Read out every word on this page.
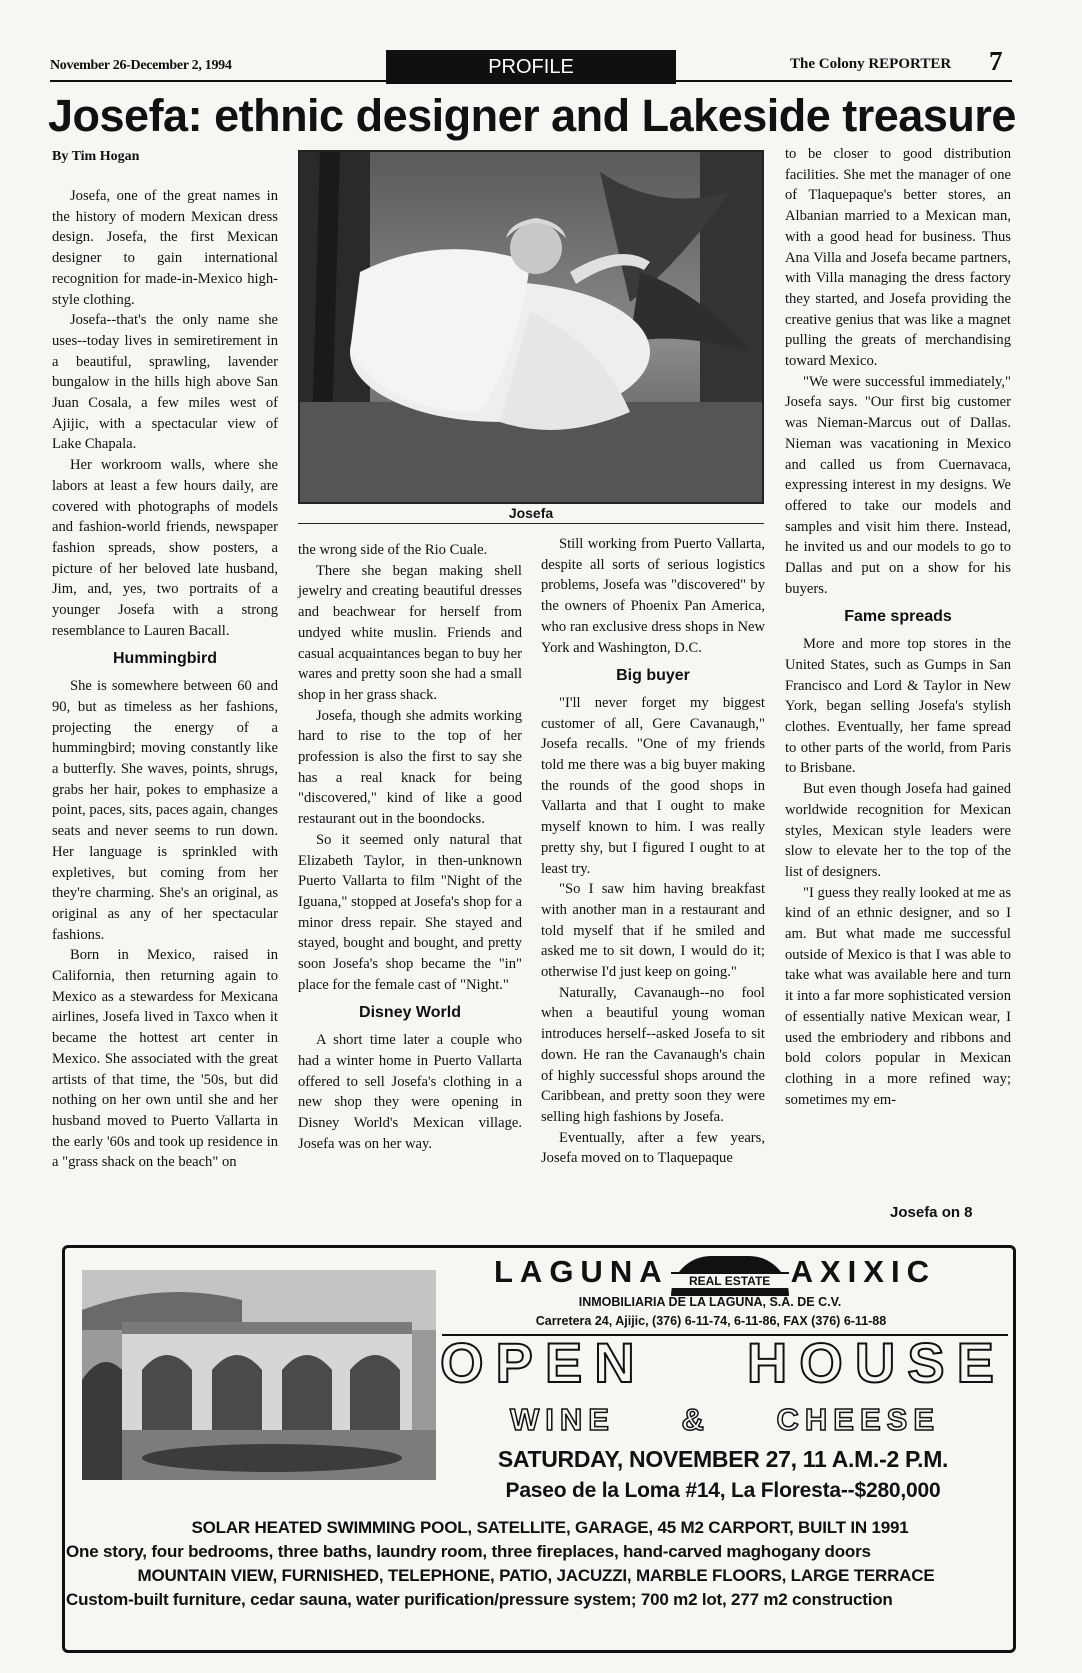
November 26-December 2, 1994	PROFILE	The Colony REPORTER 7
Josefa: ethnic designer and Lakeside treasure
By Tim Hogan

Josefa, one of the great names in the history of modern Mexican dress design. Josefa, the first Mexican designer to gain international recognition for made-in-Mexico high-style clothing.

Josefa--that's the only name she uses--today lives in semiretirement in a beautiful, sprawling, lavender bungalow in the hills high above San Juan Cosala, a few miles west of Ajijic, with a spectacular view of Lake Chapala.

Her workroom walls, where she labors at least a few hours daily, are covered with photographs of models and fashion-world friends, newspaper fashion spreads, show posters, a picture of her beloved late husband, Jim, and, yes, two portraits of a younger Josefa with a strong resemblance to Lauren Bacall.

Hummingbird

She is somewhere between 60 and 90, but as timeless as her fashions, projecting the energy of a hummingbird; moving constantly like a butterfly. She waves, points, shrugs, grabs her hair, pokes to emphasize a point, paces, sits, paces again, changes seats and never seems to run down. Her language is sprinkled with expletives, but coming from her they're charming. She's an original, as original as any of her spectacular fashions.

Born in Mexico, raised in California, then returning again to Mexico as a stewardess for Mexicana airlines, Josefa lived in Taxco when it became the hottest art center in Mexico. She associated with the great artists of that time, the '50s, but did nothing on her own until she and her husband moved to Puerto Vallarta in the early '60s and took up residence in a "grass shack on the beach" on

Josefa

the wrong side of the Rio Cuale.

There she began making shell jewelry and creating beautiful dresses and beachwear for herself from undyed white muslin. Friends and casual acquaintances began to buy her wares and pretty soon she had a small shop in her grass shack.

Josefa, though she admits working hard to rise to the top of her profession is also the first to say she has a real knack for being "discovered," kind of like a good restaurant out in the boondocks.

So it seemed only natural that Elizabeth Taylor, in then-unknown Puerto Vallarta to film "Night of the Iguana," stopped at Josefa's shop for a minor dress repair. She stayed and stayed, bought and bought, and pretty soon Josefa's shop became the "in" place for the female cast of "Night."

Disney World

A short time later a couple who had a winter home in Puerto Vallarta offered to sell Josefa's clothing in a new shop they were opening in Disney World's Mexican village. Josefa was on her way.

Still working from Puerto Vallarta, despite all sorts of serious logistics problems, Josefa was "discovered" by the owners of Phoenix Pan America, who ran exclusive dress shops in New York and Washington, D.C.

Big buyer

"I'll never forget my biggest customer of all, Gere Cavanaugh," Josefa recalls. "One of my friends told me there was a big buyer making the rounds of the good shops in Vallarta and that I ought to make myself known to him. I was really pretty shy, but I figured I ought to at least try.

"So I saw him having breakfast with another man in a restaurant and told myself that if he smiled and asked me to sit down, I would do it; otherwise I'd just keep on going."

Naturally, Cavanaugh--no fool when a beautiful young woman introduces herself--asked Josefa to sit down. He ran the Cavanaugh's chain of highly successful shops around the Caribbean, and pretty soon they were selling high fashions by Josefa.

Eventually, after a few years, Josefa moved on to Tlaquepaque

to be closer to good distribution facilities. She met the manager of one of Tlaquepaque's better stores, an Albanian married to a Mexican man, with a good head for business. Thus Ana Villa and Josefa became partners, with Villa managing the dress factory they started, and Josefa providing the creative genius that was like a magnet pulling the greats of merchandising toward Mexico.

"We were successful immediately," Josefa says. "Our first big customer was Nieman-Marcus out of Dallas. Nieman was vacationing in Mexico and called us from Cuernavaca, expressing interest in my designs. We offered to take our models and samples and visit him there. Instead, he invited us and our models to go to Dallas and put on a show for his buyers.

Fame spreads

More and more top stores in the United States, such as Gumps in San Francisco and Lord & Taylor in New York, began selling Josefa's stylish clothes. Eventually, her fame spread to other parts of the world, from Paris to Brisbane.

But even though Josefa had gained worldwide recognition for Mexican styles, Mexican style leaders were slow to elevate her to the top of the list of designers.

"I guess they really looked at me as kind of an ethnic designer, and so I am. But what made me successful outside of Mexico is that I was able to take what was available here and turn it into a far more sophisticated version of essentially native Mexican wear, I used the embriodery and ribbons and bold colors popular in Mexican clothing in a more refined way; sometimes my em-

Josefa on 8
LAGUNA	REAL ESTATE AXIXIC
INMOBILIARIA DE LA LAGUNA, S.A. DE C.V.
Carretera 24, Ajijic, (376) 6-11-74, 6-11-86, FAX (376) 6-11-88
OPEN HOUSE
WINE & CHEESE
SATURDAY, NOVEMBER 27, 11 A.M.-2 P.M.
Paseo de la Loma #14, La Floresta--$280,000
SOLAR HEATED SWIMMING POOL, SATELLITE, GARAGE, 45 M2 CARPORT, BUILT IN 1991
One story, four bedrooms, three baths, laundry room, three fireplaces, hand-carved maghogany doors
MOUNTAIN VIEW, FURNISHED, TELEPHONE, PATIO, JACUZZI, MARBLE FLOORS, LARGE TERRACE
Custom-built furniture, cedar sauna, water purification/pressure system; 700 m2 lot, 277 m2 construction
